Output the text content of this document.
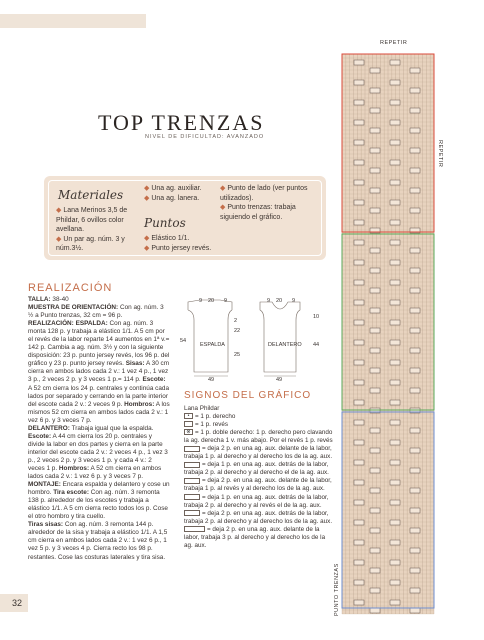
TOP TRENZAS
NIVEL DE DIFICULTAD: AVANZADO
Materiales
◆ Lana Merinos 3,5 de Phildar, 6 ovillos color avellana.
◆ Un par ag. núm. 3 y núm.3½.
◆ Una ag. auxiliar.
◆ Una ag. lanera.
Puntos
◆ Elástico 1/1.
◆ Punto jersey revés.
◆ Punto de lado (ver puntos utilizados).
◆ Punto trenzas: trabaja siguiendo el gráfico.
REALIZACIÓN

TALLA: 38-40

MUESTRA DE ORIENTACIÓN: Con ag. núm. 3 ½ a Punto trenzas, 32 cm = 96 p.

REALIZACIÓN: ESPALDA: Con ag. núm. 3 monta 128 p. y trabaja a elástico 1/1. A 5 cm por el revés de la labor reparte 14 aumentos en 1ª v.= 142 p. Cambia a ag. núm. 3½ y con la siguiente disposición: 23 p. punto jersey revés, los 96 p. del gráfico y 23 p. punto jersey revés. Sisas: A 30 cm cierra en ambos lados cada 2 v.: 1 vez 4 p., 1 vez 3 p., 2 veces 2 p. y 3 veces 1 p.= 114 p. Escote: A 52 cm cierra los 24 p. centrales y continúa cada lados por separado y cerrando en la parte interior del escote cada 2 v.: 2 veces 9 p. Hombros: A los mismos 52 cm cierra en ambos lados cada 2 v.: 1 vez 6 p. y 3 veces 7 p.

DELANTERO: Trabaja igual que la espalda. Escote: A 44 cm cierra los 20 p. centrales y divide la labor en dos partes y cierra en la parte interior del escote cada 2 v.: 2 veces 4 p., 1 vez 3 p., 2 veces 2 p. y 3 veces 1 p. y cada 4 v.: 2 veces 1 p. Hombros: A 52 cm cierra en ambos lados cada 2 v.: 1 vez 6 p. y 3 veces 7 p.

MONTAJE: Encara espalda y delantero y cose un hombro. Tira escote: Con ag. núm. 3 remonta 138 p. alrededor de los escotes y trabaja a elástico 1/1. A 5 cm cierra recto todos los p. Cose el otro hombro y tira cuello.

Tiras sisas: Con ag. núm. 3 remonta 144 p. alrededor de la sisa y trabaja a elástico 1/1. A 1,5 cm cierra en ambos lados cada 2 v.: 1 vez 6 p., 1 vez 5 p. y 3 veces 4 p. Cierra recto los 98 p. restantes. Cose las costuras laterales y tira sisa.

9 20 9
ESPALDA
54
2
22
25
49
9 20 9
DELANTERO
10
44
49
SIGNOS DEL GRÁFICO
Lana Phildar
• = 1 p. derecho
= 1 p. revés
⊗ = 1 p. doble derecho: 1 p. derecho pero clavando la ag. derecha 1 v. más abajo. Por el revés 1 p. revés
= deja 2 p. en una ag. aux. delante de la labor, trabaja 1 p. al derecho y al derecho los de la ag. aux.
= deja 1 p. en una ag. aux. detrás de la labor, trabaja 2 p. al derecho y al derecho el de la ag. aux.
= deja 2 p. en una ag. aux. delante de la labor, trabaja 1 p. al revés y al derecho los de la ag. aux.
= deja 1 p. en una ag. aux. detrás de la labor, trabaja 2 p. al derecho y al revés el de la ag. aux.
= deja 2 p. en una ag. aux. detrás de la labor, trabaja 2 p. al derecho y al derecho los de la ag. aux.
= deja 2 p. en una ag. aux. delante de la labor, trabaja 3 p. al derecho y al derecho los de la ag. aux.
REPETIR
REPETIR
PUNTO TRENZAS
32
